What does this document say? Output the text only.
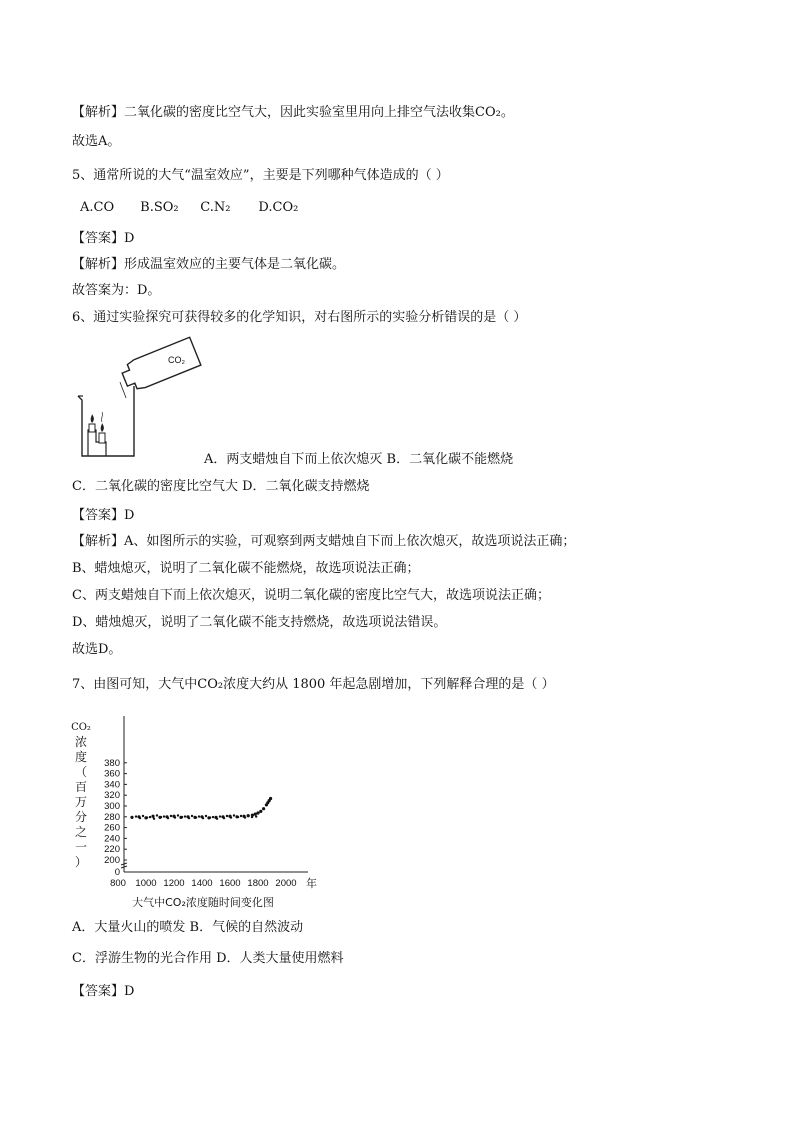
【解析】二氧化碳的密度比空气大，因此实验室里用向上排空气法收集CO₂。
故选A。
5、通常所说的大气“温室效应”，主要是下列哪种气体造成的（ ）
A.CO B.SO₂ C.N₂ D.CO₂
【答案】D
【解析】形成温室效应的主要气体是二氧化碳。
故答案为：D。
6、通过实验探究可获得较多的化学知识，对右图所示的实验分析错误的是（ ）
CO₂
A．两支蜡烛自下而上依次熄灭 B．二氧化碳不能燃烧
C．二氧化碳的密度比空气大 D．二氧化碳支持燃烧
【答案】D
【解析】A、如图所示的实验，可观察到两支蜡烛自下而上依次熄灭，故选项说法正确；
B、蜡烛熄灭，说明了二氧化碳不能燃烧，故选项说法正确；
C、两支蜡烛自下而上依次熄灭，说明二氧化碳的密度比空气大，故选项说法正确；
D、蜡烛熄灭，说明了二氧化碳不能支持燃烧，故选项说法错误。
故选D。
7、由图可知，大气中CO₂浓度大约从 1800 年起急剧增加，下列解释合理的是（ ）
CO₂
浓
度
（
百
万
分
之
一
）
0
200
220
240
260
280
300
320
340
360
380
800 1000 1200 1400 1600 1800 2000 年
大气中CO₂浓度随时间变化图
A．大量火山的喷发 B．气候的自然波动
C．浮游生物的光合作用 D．人类大量使用燃料
【答案】D
